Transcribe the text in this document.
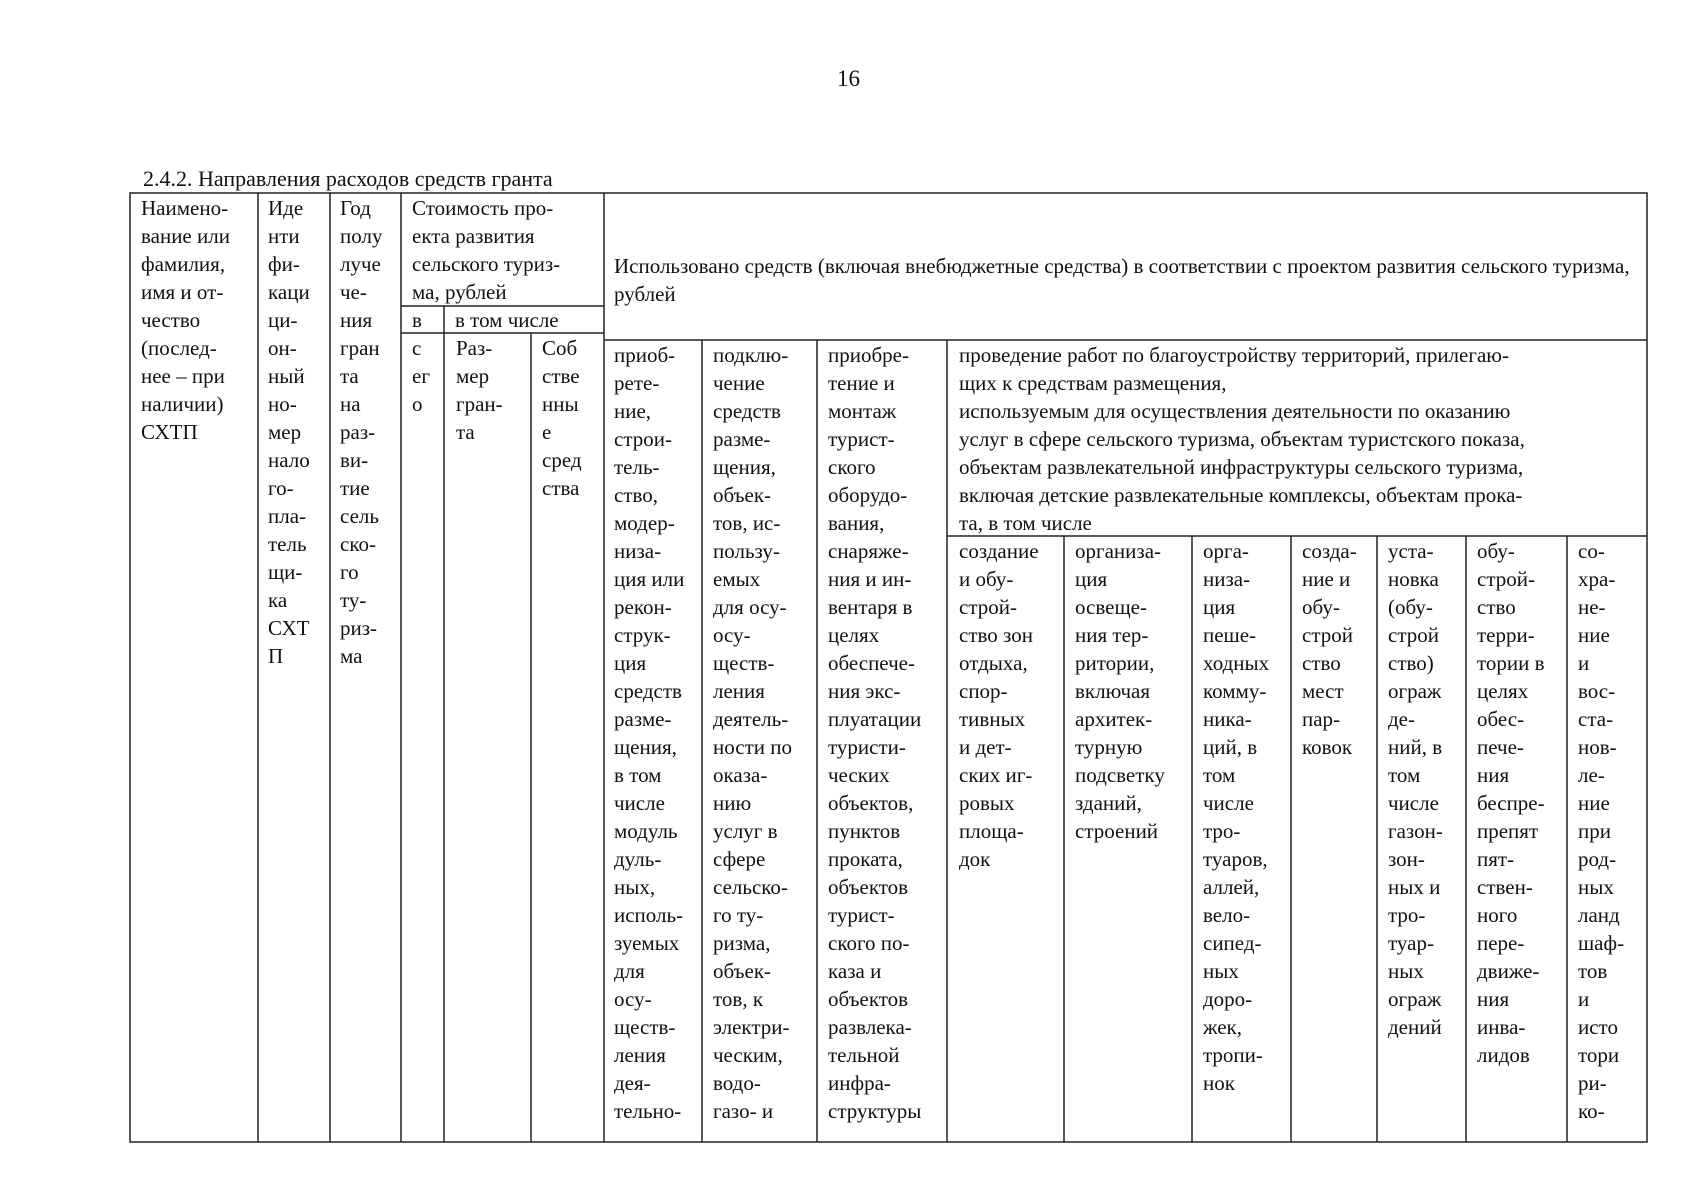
16
2.4.2. Направления расходов средств гранта
Наимено-
вание или
фамилия,
имя и от-
чество
(послед-
нее – при
наличии)
СХТП
Иде
нти
фи-
каци
ци-
он-
ный
но-
мер
нало
го-
пла-
тель
щи-
ка
СХТ
П
Год
полу
луче
че-
ния
гран
та
на
раз-
ви-
тие
сель
ско-
го
ту-
риз-
ма
Стоимость про-
екта развития
сельского туриз-
ма, рублей
в
с
ег
о
в том числе
Раз-
мер
гран-
та
Соб
стве
нны
е
сред
ства
Использовано средств (включая внебюджетные средства) в соответствии с проектом развития сельского туризма, рублей
приоб-
рете-
ние,
строи-
тель-
ство,
модер-
низа-
ция или
рекон-
струк-
ция
средств
разме-
щения,
в том
числе
модуль
дуль-
ных,
исполь-
зуемых
для
осу-
ществ-
ления
дея-
тельно-
подклю-
чение
средств
разме-
щения,
объек-
тов, ис-
пользу-
емых
для осу-
осу-
ществ-
ления
деятель-
ности по
оказа-
нию
услуг в
сфере
сельско-
го ту-
ризма,
объек-
тов, к
электри-
ческим,
водо-
газо- и
приобре-
тение и
монтаж
турист-
ского
оборудо-
вания,
снаряже-
ния и ин-
вентаря в
целях
обеспече-
ния экс-
плуатации
туристи-
ческих
объектов,
пунктов
проката,
объектов
турист-
ского по-
каза и
объектов
развлека-
тельной
инфра-
структуры
проведение работ по благоустройству территорий, прилегаю-
щих к средствам размещения,
используемым для осуществления деятельности по оказанию
услуг в сфере сельского туризма, объектам туристского показа,
объектам развлекательной инфраструктуры сельского туризма,
включая детские развлекательные комплексы, объектам прока-
та, в том числе
создание
и обу-
строй-
ство зон
отдыха,
спор-
тивных
и дет-
ских иг-
ровых
площа-
док
организа-
ция
освеще-
ния тер-
ритории,
включая
архитек-
турную
подсветку
зданий,
строений
орга-
низа-
ция
пеше-
ходных
комму-
ника-
ций, в
том
числе
тро-
туаров,
аллей,
вело-
сипед-
ных
доро-
жек,
тропи-
нок
созда-
ние и
обу-
строй
ство
мест
пар-
ковок
уста-
новка
(обу-
строй
ство)
ограж
де-
ний, в
том
числе
газон-
зон-
ных и
тро-
туар-
ных
ограж
дений
обу-
строй-
ство
терри-
тории в
целях
обес-
пече-
ния
беспре-
препят
пят-
ствен-
ного
пере-
движе-
ния
инва-
лидов
со-
хра-
не-
ние
и
вос-
ста-
нов-
ле-
ние
при
род-
ных
ланд
шаф-
тов
и
исто
тори
ри-
ко-
